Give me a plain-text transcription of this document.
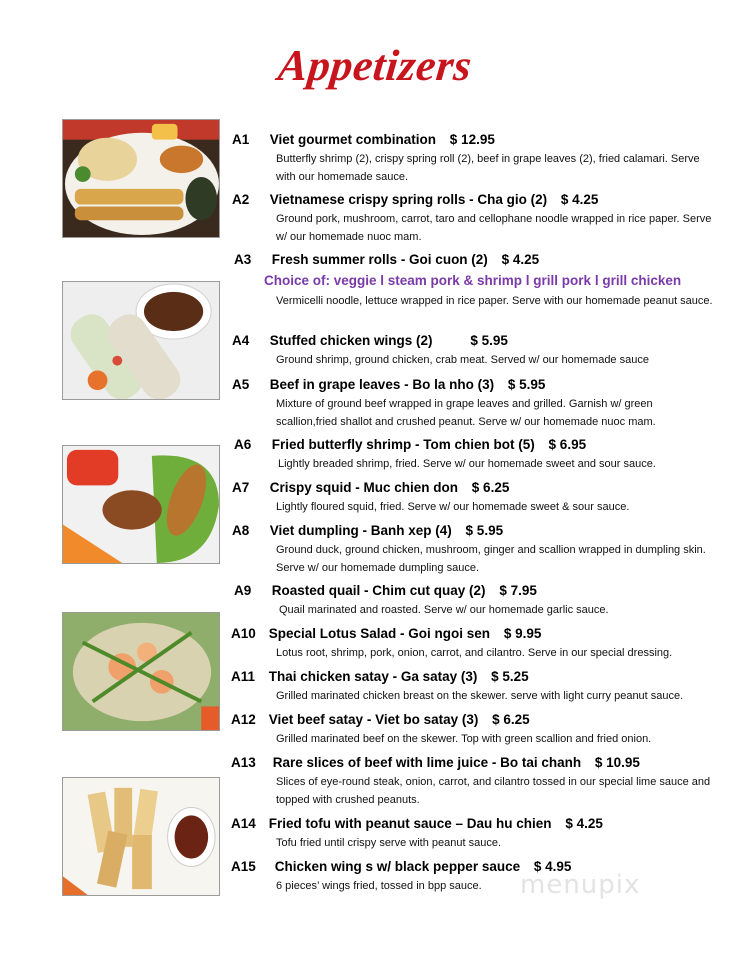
Appetizers
A1 Viet gourmet combination $ 12.95
Butterfly shrimp (2), crispy spring roll (2), beef in grape leaves (2), fried calamari. Serve with our homemade sauce.
A2 Vietnamese crispy spring rolls - Cha gio (2) $ 4.25
Ground pork, mushroom, carrot, taro and cellophane noodle wrapped in rice paper. Serve w/ our homemade nuoc mam.
A3 Fresh summer rolls - Goi cuon (2) $ 4.25
Choice of: veggie l steam pork & shrimp l grill pork l grill chicken
Vermicelli noodle, lettuce wrapped in rice paper. Serve with our homemade peanut sauce.
A4 Stuffed chicken wings (2)	$ 5.95
Ground shrimp, ground chicken, crab meat. Served w/ our homemade sauce
A5 Beef in grape leaves - Bo la nho (3) $ 5.95
Mixture of ground beef wrapped in grape leaves and grilled. Garnish w/ green scallion,fried shallot and crushed peanut. Serve w/ our homemade nuoc mam.
A6 Fried butterfly shrimp - Tom chien bot (5) $ 6.95
Lightly breaded shrimp, fried. Serve w/ our homemade sweet and sour sauce.
A7 Crispy squid - Muc chien don $ 6.25
Lightly floured squid, fried. Serve w/ our homemade sweet & sour sauce.
A8 Viet dumpling - Banh xep (4) $ 5.95
Ground duck, ground chicken, mushroom, ginger and scallion wrapped in dumpling skin. Serve w/ our homemade dumpling sauce.
A9 Roasted quail - Chim cut quay (2) $ 7.95
Quail marinated and roasted. Serve w/ our homemade garlic sauce.
A10 Special Lotus Salad - Goi ngoi sen $ 9.95
Lotus root, shrimp, pork, onion, carrot, and cilantro. Serve in our special dressing.
A11 Thai chicken satay - Ga satay (3) $ 5.25
Grilled marinated chicken breast on the skewer. serve with light curry peanut sauce.
A12 Viet beef satay - Viet bo satay (3) $ 6.25
Grilled marinated beef on the skewer. Top with green scallion and fried onion.
A13 Rare slices of beef with lime juice - Bo tai chanh $ 10.95
Slices of eye-round steak, onion, carrot, and cilantro tossed in our special lime sauce and topped with crushed peanuts.
A14 Fried tofu with peanut sauce – Dau hu chien $ 4.25
Tofu fried until crispy serve with peanut sauce.
A15 Chicken wing s w/ black pepper sauce $ 4.95
6 pieces’ wings fried, tossed in bpp sauce.	menupix
